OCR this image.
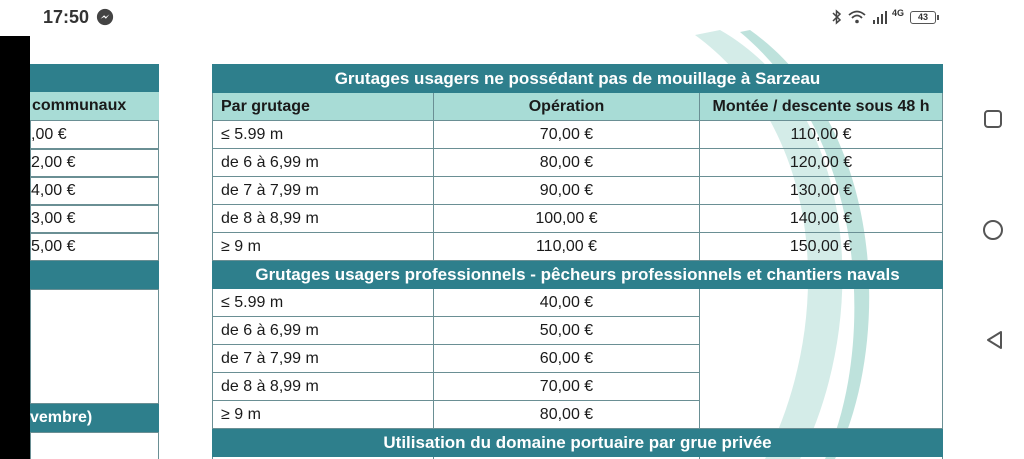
17:50	4G	43
communaux
,00 €
2,00 €
4,00 €
3,00 €
5,00 €
vembre)
Grutages usagers ne possédant pas de mouillage à Sarzeau		
Par grutage	Opération	Montée / descente sous 48 h
≤ 5.99 m	70,00 €	110,00 €
de 6 à 6,99 m	80,00 €	120,00 €
de 7 à 7,99 m	90,00 €	130,00 €
de 8 à 8,99 m	100,00 €	140,00 €
≥ 9 m	110,00 €	150,00 €
Grutages usagers professionnels - pêcheurs professionnels et chantiers navals		
≤ 5.99 m	40,00 €	
de 6 à 6,99 m	50,00 €	
de 7 à 7,99 m	60,00 €	
de 8 à 8,99 m	70,00 €	
≥ 9 m	80,00 €	
Utilisation du domaine portuaire par grue privée		
